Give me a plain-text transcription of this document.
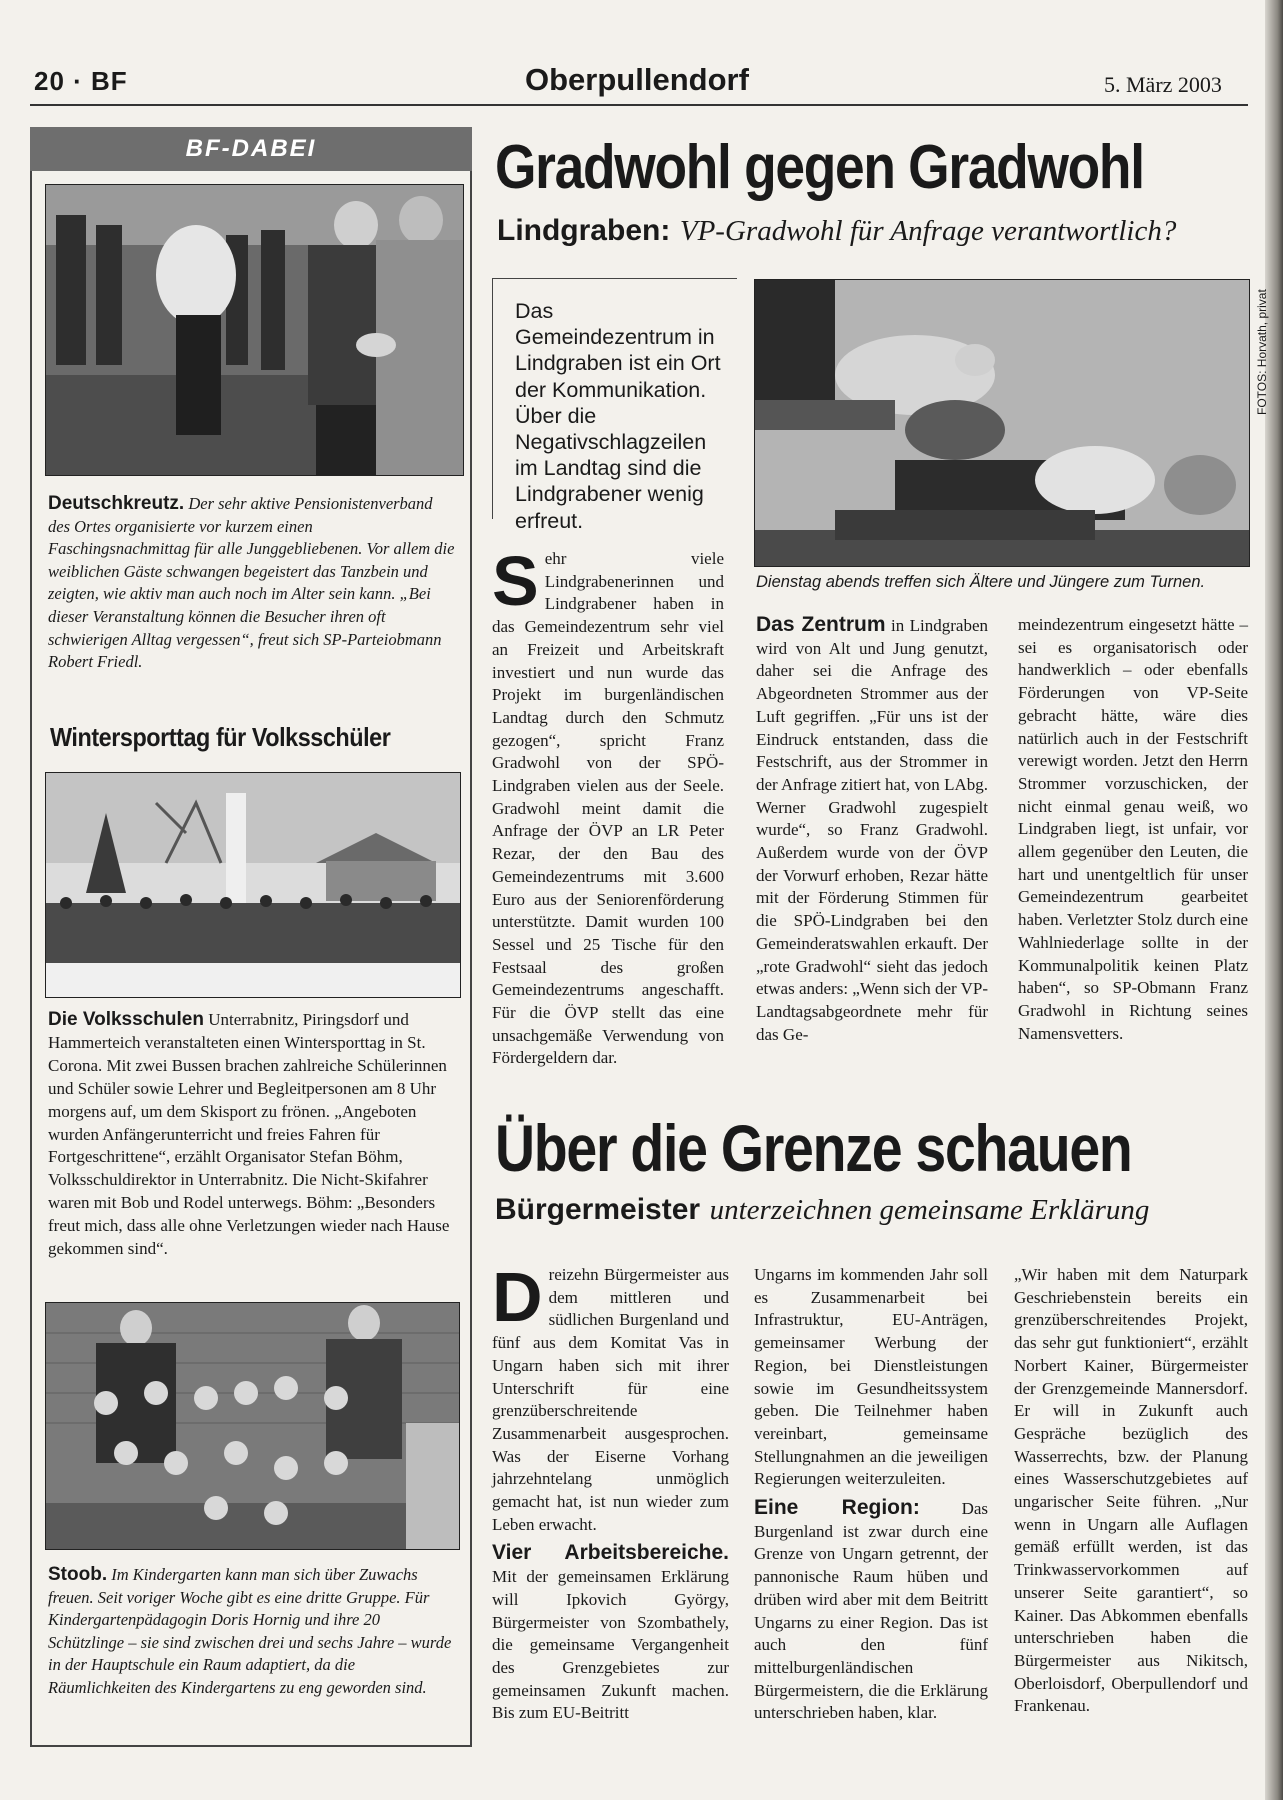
20 · BF	Oberpullendorf	5. März 2003
BF-DABEI
Deutschkreutz. Der sehr aktive Pensionistenverband des Ortes organisierte vor kurzem einen Faschingsnachmittag für alle Junggebliebenen. Vor allem die weiblichen Gäste schwangen begeistert das Tanzbein und zeigten, wie aktiv man auch noch im Alter sein kann. „Bei dieser Veranstaltung können die Besucher ihren oft schwierigen Alltag vergessen“, freut sich SP-Parteiobmann Robert Friedl.
Wintersporttag für Volksschüler
Die Volksschulen Unterrabnitz, Piringsdorf und Hammerteich veranstalteten einen Wintersporttag in St. Corona. Mit zwei Bussen brachen zahlreiche Schülerinnen und Schüler sowie Lehrer und Begleitpersonen am 8 Uhr morgens auf, um dem Skisport zu frönen. „Angeboten wurden Anfängerunterricht und freies Fahren für Fortgeschrittene“, erzählt Organisator Stefan Böhm, Volksschuldirektor in Unterrabnitz. Die Nicht-Skifahrer waren mit Bob und Rodel unterwegs. Böhm: „Besonders freut mich, dass alle ohne Verletzungen wieder nach Hause gekommen sind“.
Stoob. Im Kindergarten kann man sich über Zuwachs freuen. Seit voriger Woche gibt es eine dritte Gruppe. Für Kindergartenpädagogin Doris Hornig und ihre 20 Schützlinge – sie sind zwischen drei und sechs Jahre – wurde in der Hauptschule ein Raum adaptiert, da die Räumlichkeiten des Kindergartens zu eng geworden sind.
Gradwohl gegen Gradwohl
Lindgraben: VP-Gradwohl für Anfrage verantwortlich?
Das Gemeindezentrum in Lindgraben ist ein Ort der Kommunikation. Über die Negativschlagzeilen im Landtag sind die Lindgrabener wenig erfreut.
FOTOS: Horvath, privat
Dienstag abends treffen sich Ältere und Jüngere zum Turnen.
Sehr viele Lindgrabenerinnen und Lindgrabener haben in das Gemeindezentrum sehr viel an Freizeit und Arbeitskraft investiert und nun wurde das Projekt im burgenländischen Landtag durch den Schmutz gezogen“, spricht Franz Gradwohl von der SPÖ-Lindgraben vielen aus der Seele. Gradwohl meint damit die Anfrage der ÖVP an LR Peter Rezar, der den Bau des Gemeindezentrums mit 3.600 Euro aus der Seniorenförderung unterstützte. Damit wurden 100 Sessel und 25 Tische für den Festsaal des großen Gemeindezentrums angeschafft. Für die ÖVP stellt das eine unsachgemäße Verwendung von Fördergeldern dar.
Das Zentrum in Lindgraben wird von Alt und Jung genutzt, daher sei die Anfrage des Abgeordneten Strommer aus der Luft gegriffen. „Für uns ist der Eindruck entstanden, dass die Festschrift, aus der Strommer in der Anfrage zitiert hat, von LAbg. Werner Gradwohl zugespielt wurde“, so Franz Gradwohl. Außerdem wurde von der ÖVP der Vorwurf erhoben, Rezar hätte mit der Förderung Stimmen für die SPÖ-Lindgraben bei den Gemeinderatswahlen erkauft. Der „rote Gradwohl“ sieht das jedoch etwas anders: „Wenn sich der VP-Landtagsabgeordnete mehr für das Ge-
meindezentrum eingesetzt hätte – sei es organisatorisch oder handwerklich – oder ebenfalls Förderungen von VP-Seite gebracht hätte, wäre dies natürlich auch in der Festschrift verewigt worden. Jetzt den Herrn Strommer vorzuschicken, der nicht einmal genau weiß, wo Lindgraben liegt, ist unfair, vor allem gegenüber den Leuten, die hart und unentgeltlich für unser Gemeindezentrum gearbeitet haben. Verletzter Stolz durch eine Wahlniederlage sollte in der Kommunalpolitik keinen Platz haben“, so SP-Obmann Franz Gradwohl in Richtung seines Namensvetters.
Über die Grenze schauen
Bürgermeister unterzeichnen gemeinsame Erklärung
Dreizehn Bürgermeister aus dem mittleren und südlichen Burgenland und fünf aus dem Komitat Vas in Ungarn haben sich mit ihrer Unterschrift für eine grenzüberschreitende Zusammenarbeit ausgesprochen. Was der Eiserne Vorhang jahrzehntelang unmöglich gemacht hat, ist nun wieder zum Leben erwacht.
Vier Arbeitsbereiche. Mit der gemeinsamen Erklärung will Ipkovich György, Bürgermeister von Szombathely, die gemeinsame Vergangenheit des Grenzgebietes zur gemeinsamen Zukunft machen. Bis zum EU-Beitritt
Ungarns im kommenden Jahr soll es Zusammenarbeit bei Infrastruktur, EU-Anträgen, gemeinsamer Werbung der Region, bei Dienstleistungen sowie im Gesundheitssystem geben. Die Teilnehmer haben vereinbart, gemeinsame Stellungnahmen an die jeweiligen Regierungen weiterzuleiten.
Eine Region: Das Burgenland ist zwar durch eine Grenze von Ungarn getrennt, der pannonische Raum hüben und drüben wird aber mit dem Beitritt Ungarns zu einer Region. Das ist auch den fünf mittelburgenländischen Bürgermeistern, die die Erklärung unterschrieben haben, klar.
„Wir haben mit dem Naturpark Geschriebenstein bereits ein grenzüberschreitendes Projekt, das sehr gut funktioniert“, erzählt Norbert Kainer, Bürgermeister der Grenzgemeinde Mannersdorf. Er will in Zukunft auch Gespräche bezüglich des Wasserrechts, bzw. der Planung eines Wasserschutzgebietes auf ungarischer Seite führen. „Nur wenn in Ungarn alle Auflagen gemäß erfüllt werden, ist das Trinkwasservorkommen auf unserer Seite garantiert“, so Kainer. Das Abkommen ebenfalls unterschrieben haben die Bürgermeister aus Nikitsch, Oberloisdorf, Oberpullendorf und Frankenau.
